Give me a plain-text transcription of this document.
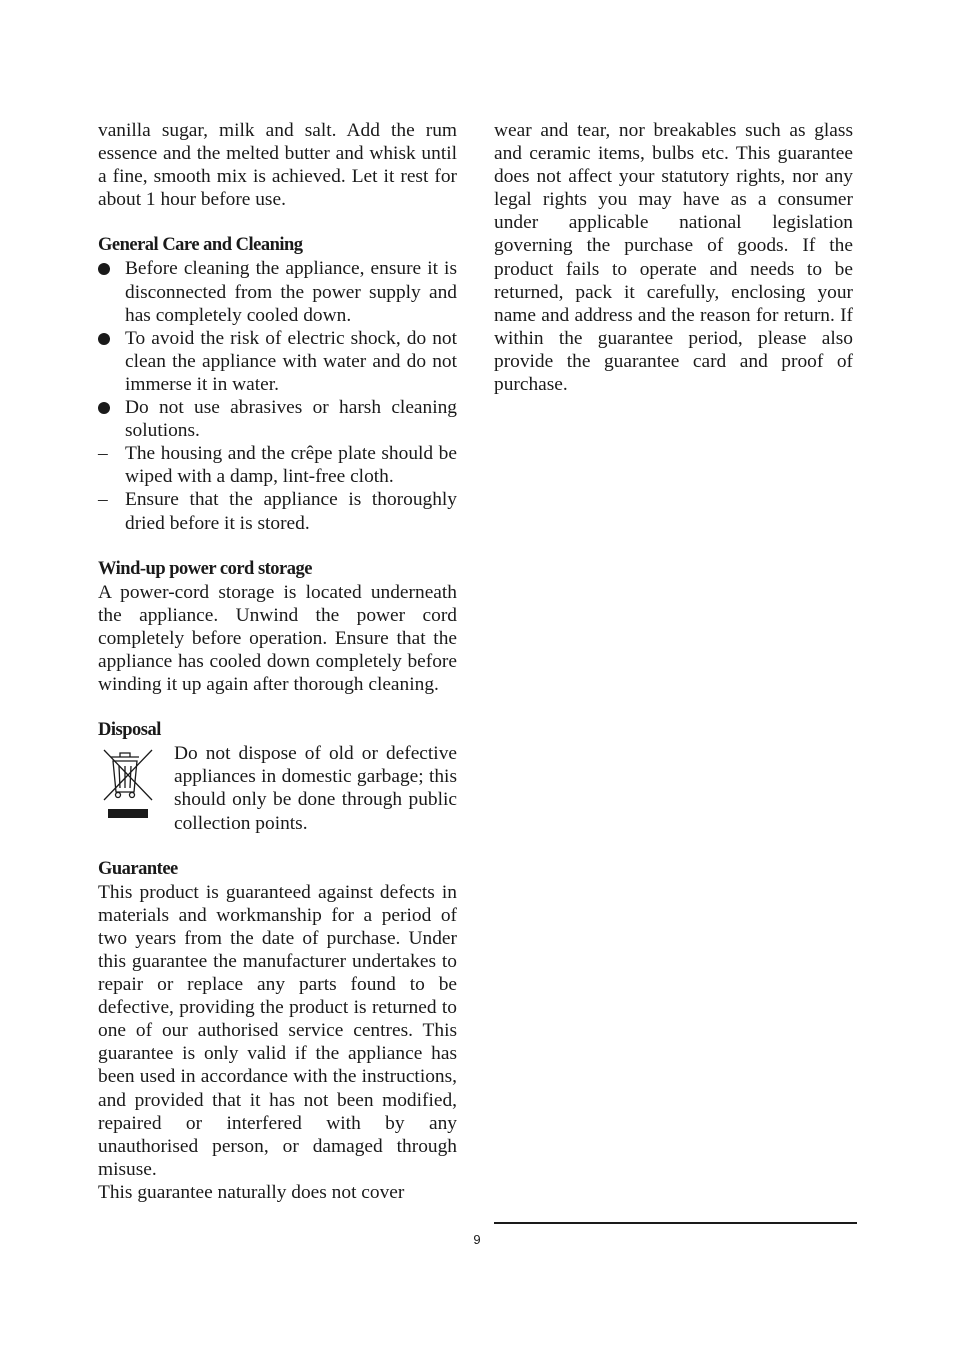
vanilla sugar, milk and salt. Add the rum essence and the melted butter and whisk until a fine, smooth mix is achieved. Let it rest for about 1 hour before use.

General Care and Cleaning
Before cleaning the appliance, ensure it is disconnected from the power supply and has completely cooled down.
To avoid the risk of electric shock, do not clean the appliance with water and do not immerse it in water.
Do not use abrasives or harsh cleaning solutions.
– The housing and the crêpe plate should be wiped with a damp, lint-free cloth.
– Ensure that the appliance is thoroughly dried before it is stored.
Wind-up power cord storage

A power-cord storage is located underneath the appliance. Unwind the power cord completely before operation. Ensure that the appliance has cooled down completely before winding it up again after thorough cleaning.

Disposal

Do not dispose of old or defective appliances in domestic garbage; this should only be done through public collection points.

Guarantee

This product is guaranteed against defects in materials and workmanship for a period of two years from the date of purchase. Under this guarantee the manufacturer undertakes to repair or replace any parts found to be defective, providing the product is returned to one of our authorised service centres. This guarantee is only valid if the appliance has been used in accordance with the instructions, and provided that it has not been modified, repaired or interfered with by any unauthorised person, or damaged through misuse.

This guarantee naturally does not cover

wear and tear, nor breakables such as glass and ceramic items, bulbs etc. This guarantee does not affect your statutory rights, nor any legal rights you may have as a consumer under applicable national legislation governing the purchase of goods. If the product fails to operate and needs to be returned, pack it carefully, enclosing your name and address and the reason for return. If within the guarantee period, please also provide the guarantee card and proof of purchase.

9
